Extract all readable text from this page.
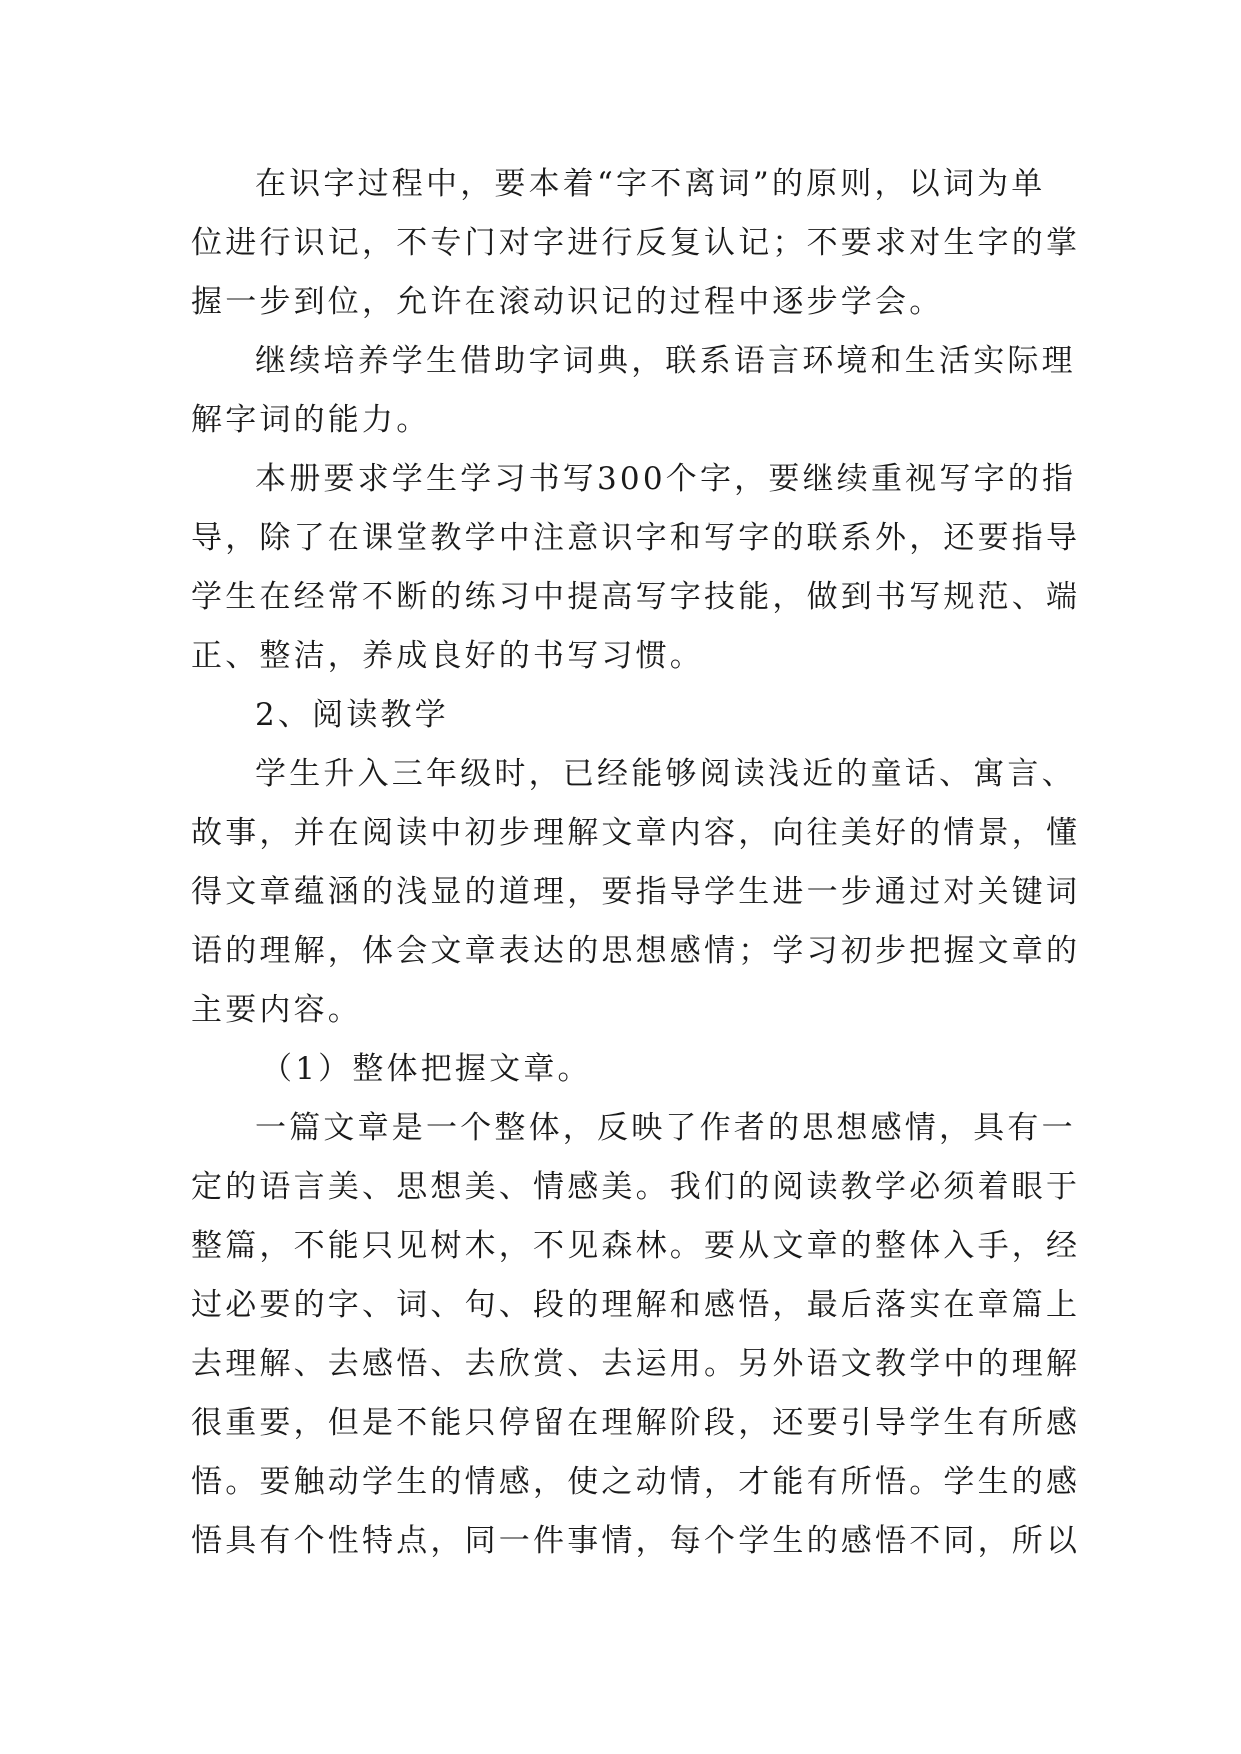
在识字过程中，要本着“字不离词”的原则，以词为单
位进行识记，不专门对字进行反复认记；不要求对生字的掌
握一步到位，允许在滚动识记的过程中逐步学会。
继续培养学生借助字词典，联系语言环境和生活实际理
解字词的能力。
本册要求学生学习书写300个字，要继续重视写字的指
导，除了在课堂教学中注意识字和写字的联系外，还要指导
学生在经常不断的练习中提高写字技能，做到书写规范、端
正、整洁，养成良好的书写习惯。
2、阅读教学
学生升入三年级时，已经能够阅读浅近的童话、寓言、
故事，并在阅读中初步理解文章内容，向往美好的情景，懂
得文章蕴涵的浅显的道理，要指导学生进一步通过对关键词
语的理解，体会文章表达的思想感情；学习初步把握文章的
主要内容。
（1）整体把握文章。
一篇文章是一个整体，反映了作者的思想感情，具有一
定的语言美、思想美、情感美。我们的阅读教学必须着眼于
整篇，不能只见树木，不见森林。要从文章的整体入手，经
过必要的字、词、句、段的理解和感悟，最后落实在章篇上
去理解、去感悟、去欣赏、去运用。另外语文教学中的理解
很重要，但是不能只停留在理解阶段，还要引导学生有所感
悟。要触动学生的情感，使之动情，才能有所悟。学生的感
悟具有个性特点，同一件事情，每个学生的感悟不同，所以
